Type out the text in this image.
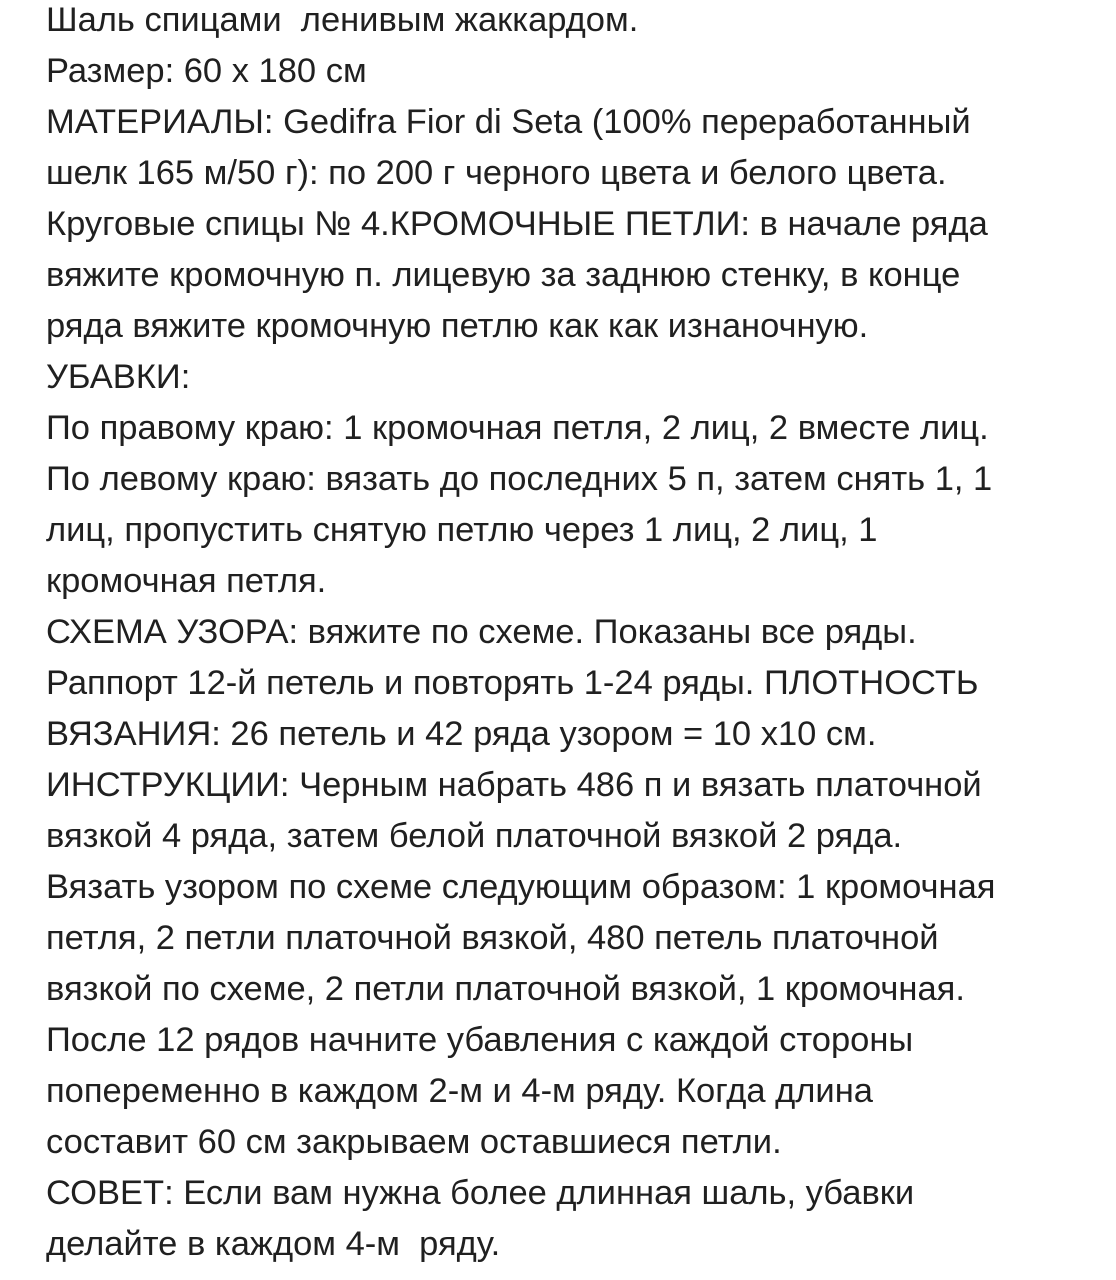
Шаль спицами  ленивым жаккардом.
Размер: 60 х 180 см
МАТЕРИАЛЫ: Gedifra Fior di Seta (100% переработанный
шелк 165 м/50 г): по 200 г черного цвета и белого цвета.
Круговые спицы № 4.КРОМОЧНЫЕ ПЕТЛИ: в начале ряда
вяжите кромочную п. лицевую за заднюю стенку, в конце
ряда вяжите кромочную петлю как как изнаночную.
УБАВКИ:
По правому краю: 1 кромочная петля, 2 лиц, 2 вместе лиц.
По левому краю: вязать до последних 5 п, затем снять 1, 1
лиц, пропустить снятую петлю через 1 лиц, 2 лиц, 1
кромочная петля.
СХЕМА УЗОРА: вяжите по схеме. Показаны все ряды.
Раппорт 12-й петель и повторять 1-24 ряды. ПЛОТНОСТЬ
ВЯЗАНИЯ: 26 петель и 42 ряда узором = 10 х10 см.
ИНСТРУКЦИИ: Черным набрать 486 п и вязать платочной
вязкой 4 ряда, затем белой платочной вязкой 2 ряда.
Вязать узором по схеме следующим образом: 1 кромочная
петля, 2 петли платочной вязкой, 480 петель платочной
вязкой по схеме, 2 петли платочной вязкой, 1 кромочная.
После 12 рядов начните убавления с каждой стороны
попеременно в каждом 2-м и 4-м ряду. Когда длина
составит 60 см закрываем оставшиеся петли.
СОВЕТ: Если вам нужна более длинная шаль, убавки
делайте в каждом 4-м  ряду.
